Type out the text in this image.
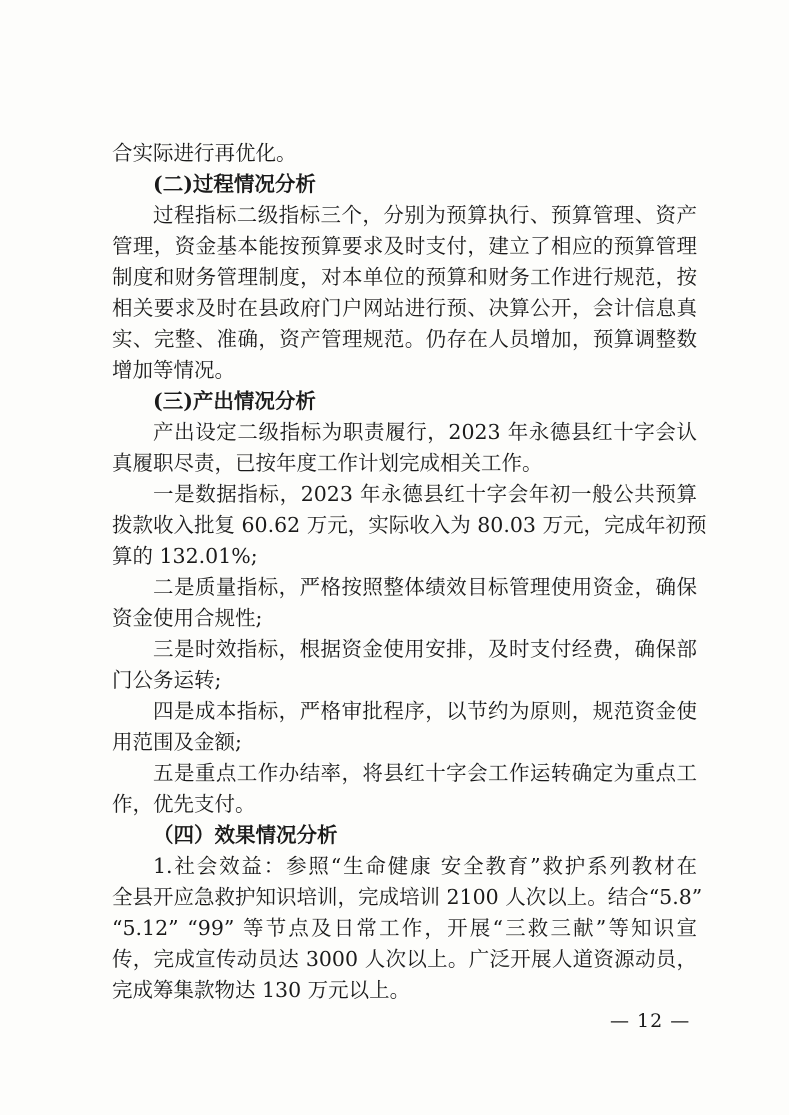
合实际进行再优化。
(二)过程情况分析
过程指标二级指标三个，分别为预算执行、预算管理、资产
管理，资金基本能按预算要求及时支付，建立了相应的预算管理
制度和财务管理制度，对本单位的预算和财务工作进行规范，按
相关要求及时在县政府门户网站进行预、决算公开，会计信息真
实、完整、准确，资产管理规范。仍存在人员增加，预算调整数
增加等情况。
(三)产出情况分析
产出设定二级指标为职责履行，2023 年永德县红十字会认
真履职尽责，已按年度工作计划完成相关工作。
一是数据指标，2023 年永德县红十字会年初一般公共预算
拨款收入批复 60.62 万元，实际收入为 80.03 万元，完成年初预
算的 132.01%;
二是质量指标，严格按照整体绩效目标管理使用资金，确保
资金使用合规性;
三是时效指标，根据资金使用安排，及时支付经费，确保部
门公务运转;
四是成本指标，严格审批程序，以节约为原则，规范资金使
用范围及金额;
五是重点工作办结率，将县红十字会工作运转确定为重点工
作，优先支付。
（四）效果情况分析
1.社会效益：参照“生命健康 安全教育”救护系列教材在
全县开应急救护知识培训，完成培训 2100 人次以上。结合“5.8”
“5.12” “99” 等节点及日常工作，开展“三救三献”等知识宣
传，完成宣传动员达 3000 人次以上。广泛开展人道资源动员，
完成筹集款物达 130 万元以上。
— 12 —
